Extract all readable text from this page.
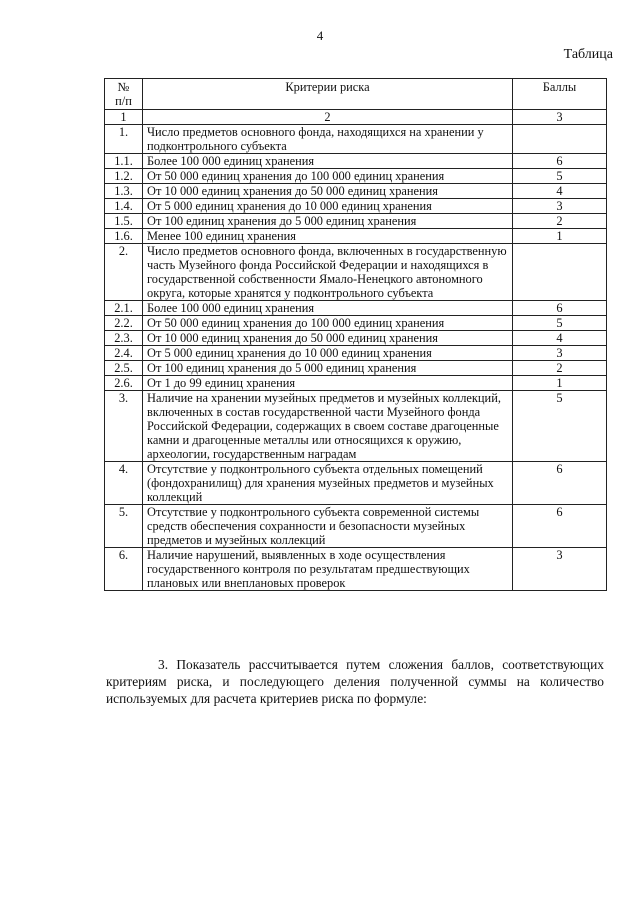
4
Таблица
№
п/п	Критерии риска	Баллы
1	2	3
1.	Число предметов основного фонда, находящихся на хранении у подконтрольного субъекта	
1.1.	Более 100 000 единиц хранения	6
1.2.	От 50 000 единиц хранения до 100 000 единиц хранения	5
1.3.	От 10 000 единиц хранения до 50 000 единиц хранения	4
1.4.	От 5 000 единиц хранения до 10 000 единиц хранения	3
1.5.	От 100 единиц хранения до 5 000 единиц хранения	2
1.6.	Менее 100 единиц хранения	1
2.	Число предметов основного фонда, включенных в государственную часть Музейного фонда Российской Федерации и находящихся в государственной собственности Ямало-Ненецкого автономного округа, которые хранятся у подконтрольного субъекта	
2.1.	Более 100 000 единиц хранения	6
2.2.	От 50 000 единиц хранения до 100 000 единиц хранения	5
2.3.	От 10 000 единиц хранения до 50 000 единиц хранения	4
2.4.	От 5 000 единиц хранения до 10 000 единиц хранения	3
2.5.	От 100 единиц хранения до 5 000 единиц хранения	2
2.6.	От 1 до 99 единиц хранения	1
3.	Наличие на хранении музейных предметов и музейных коллекций, включенных в состав государственной части Музейного фонда Российской Федерации, содержащих в своем составе драгоценные камни и драгоценные металлы или относящихся к оружию, археологии, государственным наградам	5
4.	Отсутствие у подконтрольного субъекта отдельных помещений (фондохранилищ) для хранения музейных предметов и музейных коллекций	6
5.	Отсутствие у подконтрольного субъекта современной системы средств обеспечения сохранности и безопасности музейных предметов и музейных коллекций	6
6.	Наличие нарушений, выявленных в ходе осуществления государственного контроля по результатам предшествующих плановых или внеплановых проверок	3
3. Показатель рассчитывается путем сложения баллов, соответствующих критериям риска, и последующего деления полученной суммы на количество используемых для расчета критериев риска по формуле:
